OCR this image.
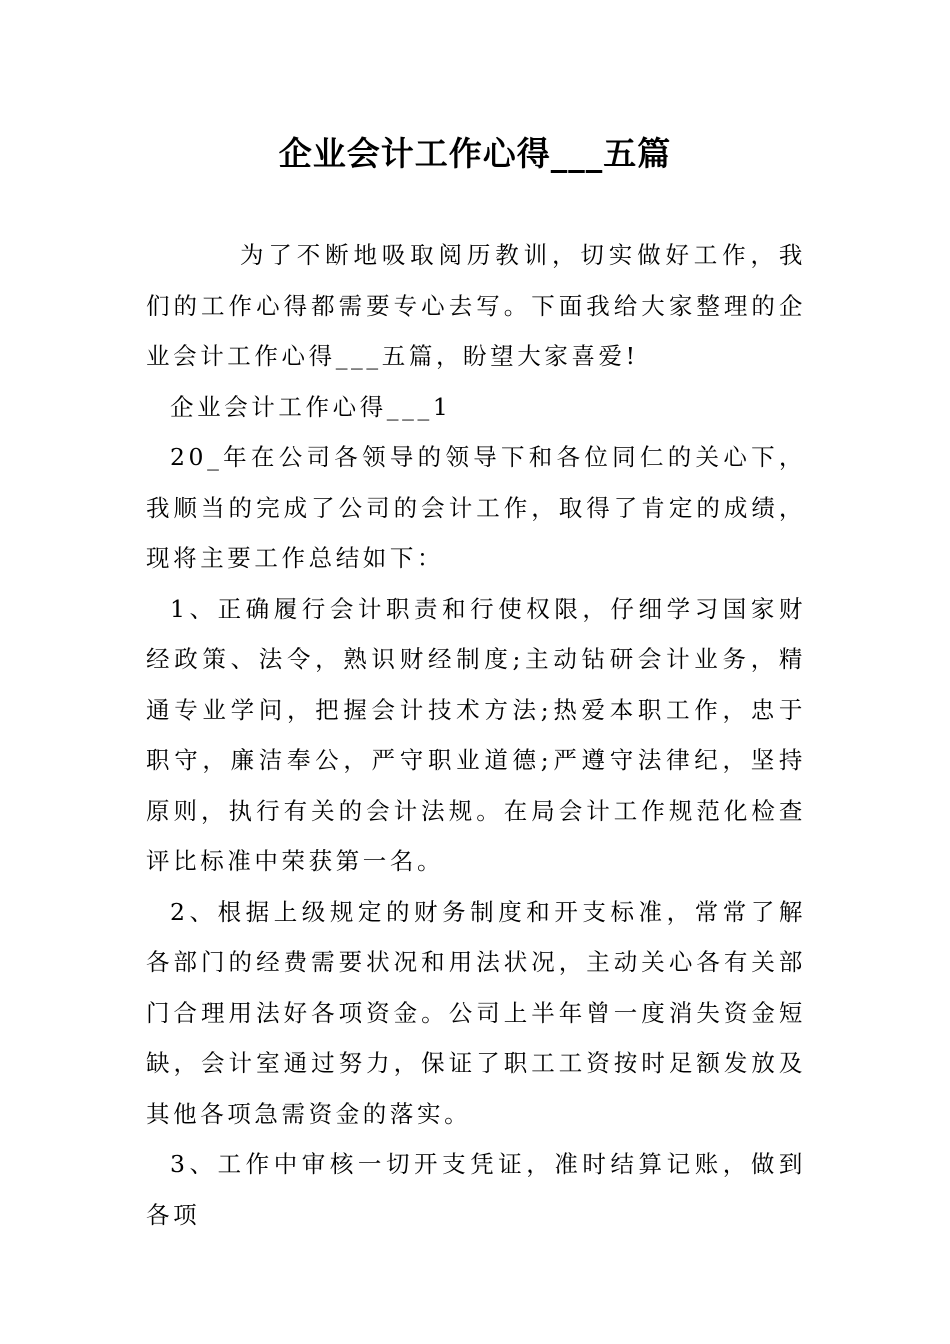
企业会计工作心得___五篇

为了不断地吸取阅历教训，切实做好工作，我们的工作心得都需要专心去写。下面我给大家整理的企业会计工作心得___五篇，盼望大家喜爱!

企业会计工作心得___1

20_年在公司各领导的领导下和各位同仁的关心下，我顺当的完成了公司的会计工作，取得了肯定的成绩，现将主要工作总结如下：

1、正确履行会计职责和行使权限，仔细学习国家财经政策、法令，熟识财经制度;主动钻研会计业务，精通专业学问，把握会计技术方法;热爱本职工作，忠于职守，廉洁奉公，严守职业道德;严遵守法律纪，坚持原则，执行有关的会计法规。在局会计工作规范化检查评比标准中荣获第一名。

2、根据上级规定的财务制度和开支标准，常常了解各部门的经费需要状况和用法状况，主动关心各有关部门合理用法好各项资金。公司上半年曾一度消失资金短缺，会计室通过努力，保证了职工工资按时足额发放及其他各项急需资金的落实。

3、工作中审核一切开支凭证，准时结算记账，做到各项
